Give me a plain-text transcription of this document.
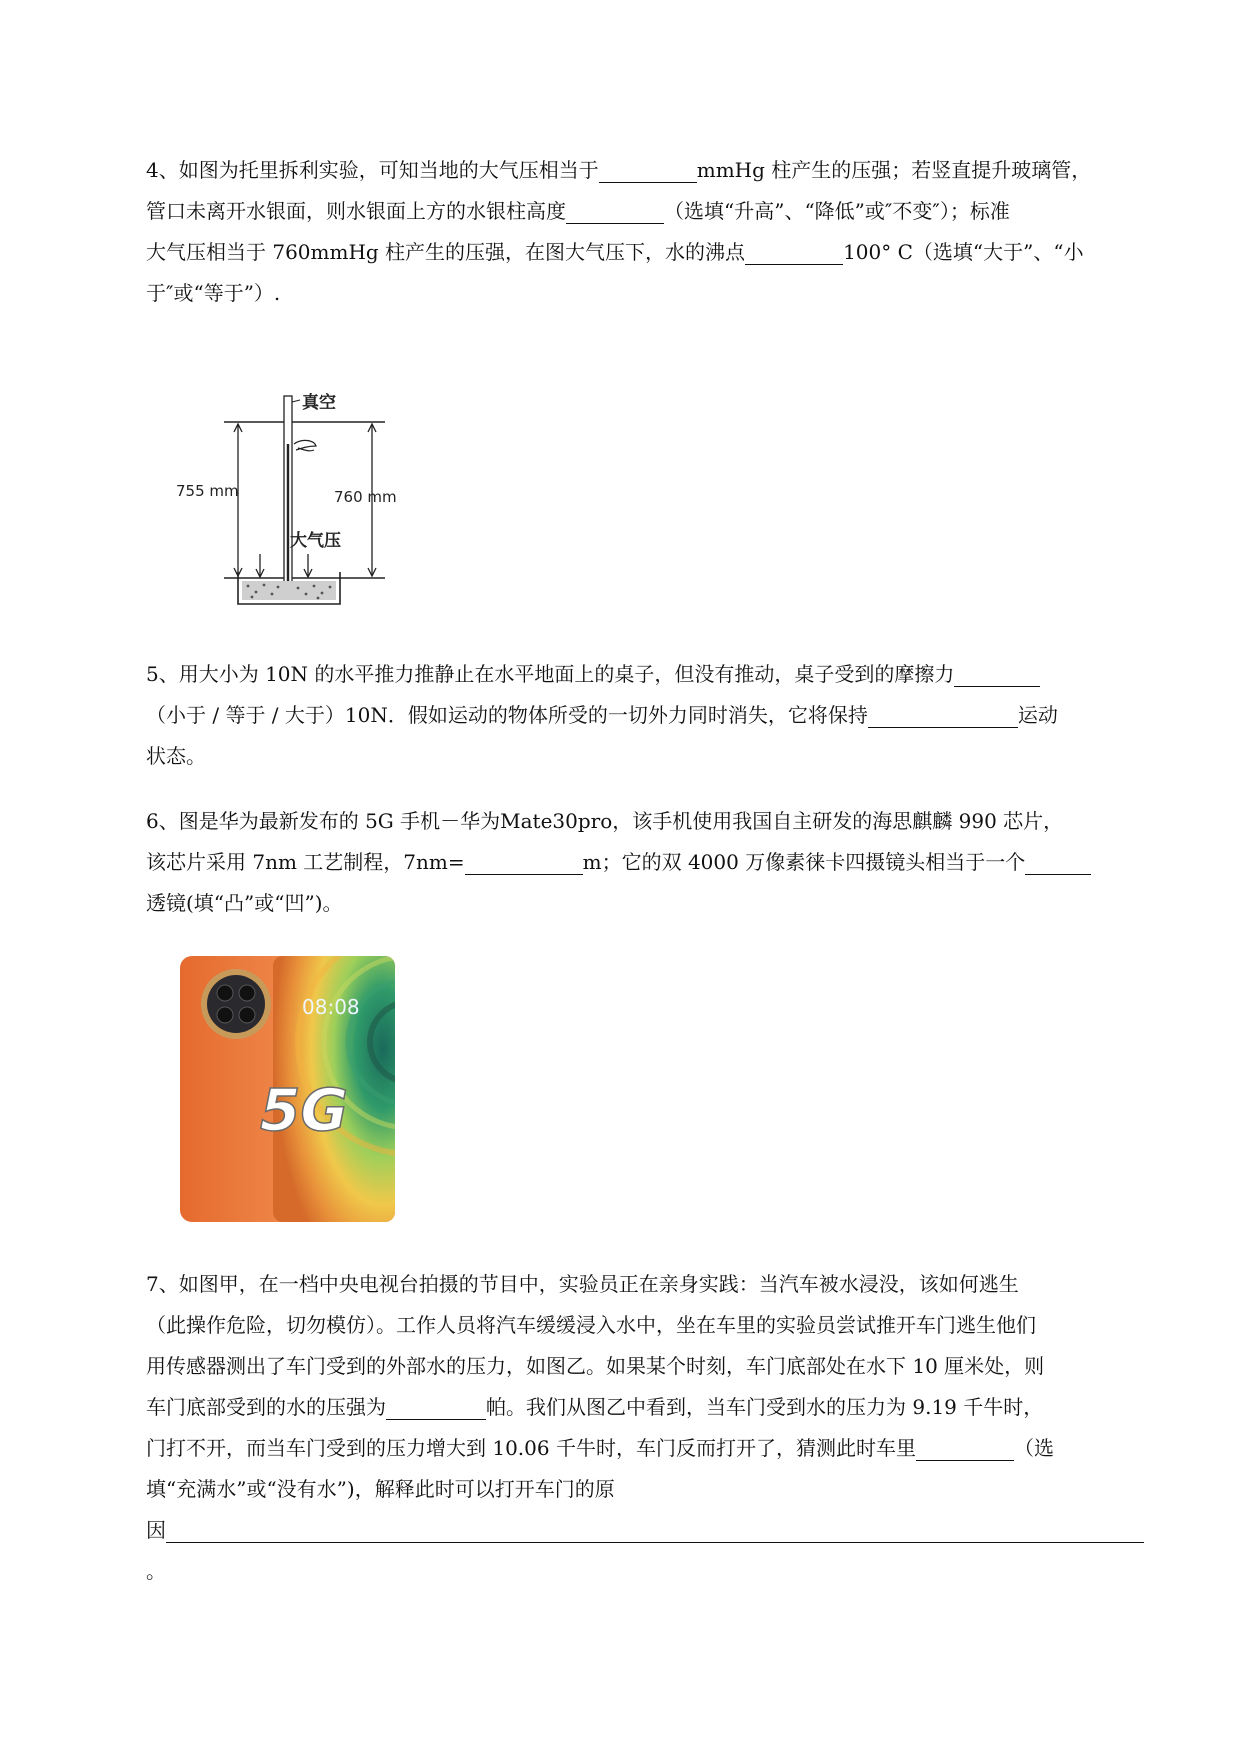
4、如图为托里拆利实验，可知当地的大气压相当于	mmHg 柱产生的压强；若竖直提升玻璃管，

管口未离开水银面，则水银面上方的水银柱高度	（选填“升高”、“降低”或″不变″）；标准

大气压相当于 760mmHg 柱产生的压强，在图大气压下，水的沸点	100° C（选填“大于”、“小

于″或“等于”）.

真空
755 mm	760 mm
大气压

5、用大小为 10N 的水平推力推静止在水平地面上的桌子，但没有推动，桌子受到的摩擦力

（小于 / 等于 / 大于）10N．假如运动的物体所受的一切外力同时消失，它将保持	运动

状态。

6、图是华为最新发布的 5G 手机－华为Mate30pro，该手机使用我国自主研发的海思麒麟 990 芯片，

该芯片采用 7nm 工艺制程，7nm=	m；它的双 4000 万像素徕卡四摄镜头相当于一个

透镜(填“凸”或“凹”)。

08:08
5G

7、如图甲，在一档中央电视台拍摄的节目中，实验员正在亲身实践：当汽车被水浸没，该如何逃生

（此操作危险，切勿模仿）。工作人员将汽车缓缓浸入水中，坐在车里的实验员尝试推开车门逃生他们

用传感器测出了车门受到的外部水的压力，如图乙。如果某个时刻，车门底部处在水下 10 厘米处，则

车门底部受到的水的压强为	帕。我们从图乙中看到，当车门受到水的压力为 9.19 千牛时，

门打不开，而当车门受到的压力增大到 10.06 千牛时，车门反而打开了，猜测此时车里	（选

填“充满水”或“没有水”)，解释此时可以打开车门的原

因

。
